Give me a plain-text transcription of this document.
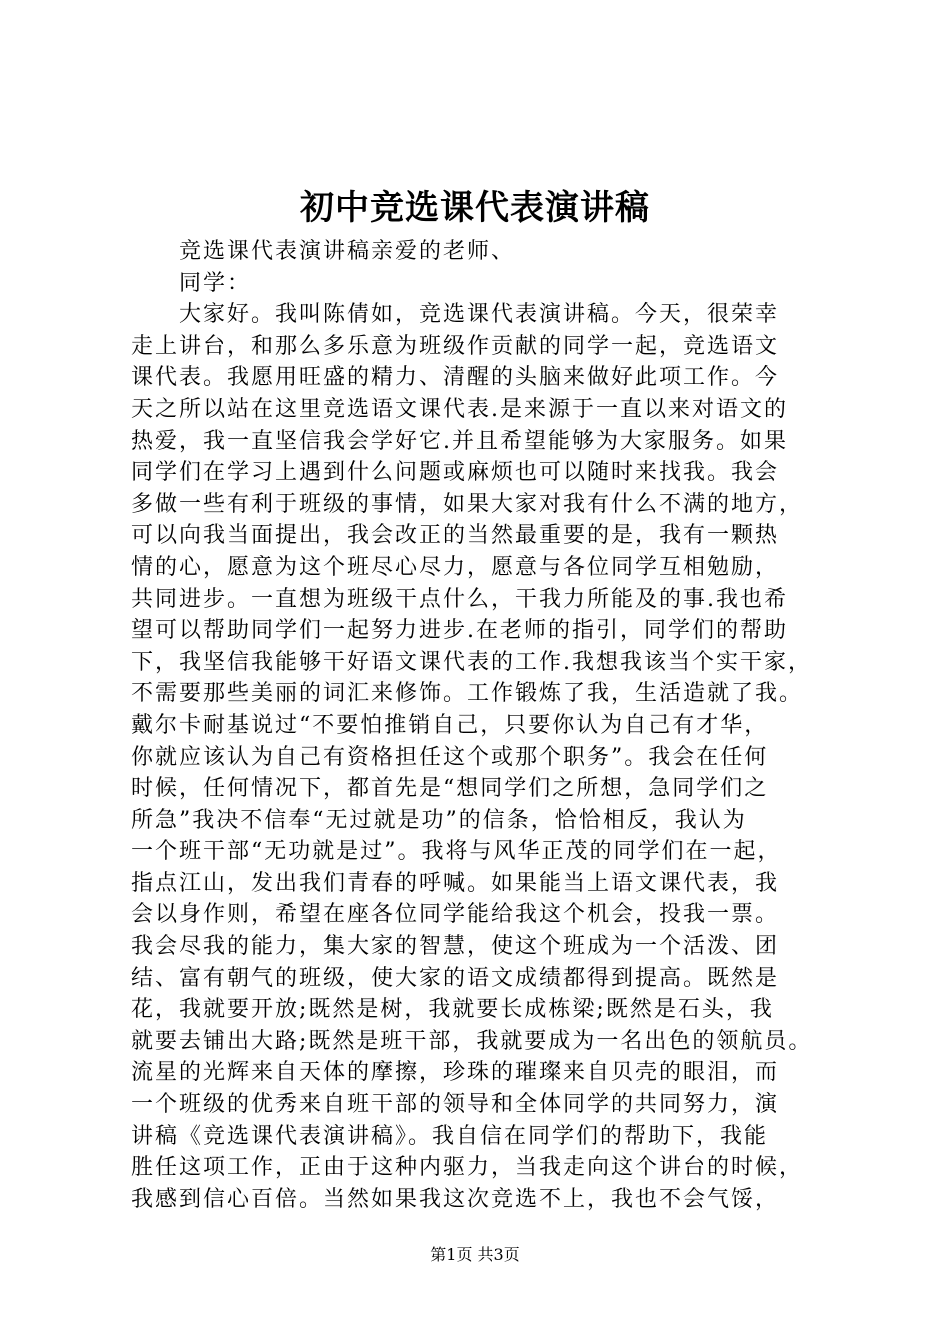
初中竞选课代表演讲稿
竞选课代表演讲稿亲爱的老师、
同学：
大家好。我叫陈倩如，竞选课代表演讲稿。今天，很荣幸
走上讲台，和那么多乐意为班级作贡献的同学一起，竞选语文
课代表。我愿用旺盛的精力、清醒的头脑来做好此项工作。今
天之所以站在这里竞选语文课代表.是来源于一直以来对语文的
热爱，我一直坚信我会学好它.并且希望能够为大家服务。如果
同学们在学习上遇到什么问题或麻烦也可以随时来找我。我会
多做一些有利于班级的事情，如果大家对我有什么不满的地方，
可以向我当面提出，我会改正的当然最重要的是，我有一颗热
情的心，愿意为这个班尽心尽力，愿意与各位同学互相勉励，
共同进步。一直想为班级干点什么，干我力所能及的事.我也希
望可以帮助同学们一起努力进步.在老师的指引，同学们的帮助
下，我坚信我能够干好语文课代表的工作.我想我该当个实干家，
不需要那些美丽的词汇来修饰。工作锻炼了我，生活造就了我。
戴尔卡耐基说过“不要怕推销自己，只要你认为自己有才华，
你就应该认为自己有资格担任这个或那个职务”。我会在任何
时候，任何情况下，都首先是“想同学们之所想，急同学们之
所急”我决不信奉“无过就是功”的信条，恰恰相反，我认为
一个班干部“无功就是过”。我将与风华正茂的同学们在一起，
指点江山，发出我们青春的呼喊。如果能当上语文课代表，我
会以身作则，希望在座各位同学能给我这个机会，投我一票。
我会尽我的能力，集大家的智慧，使这个班成为一个活泼、团
结、富有朝气的班级，使大家的语文成绩都得到提高。既然是
花，我就要开放;既然是树，我就要长成栋梁;既然是石头，我
就要去铺出大路;既然是班干部，我就要成为一名出色的领航员。
流星的光辉来自天体的摩擦，珍珠的璀璨来自贝壳的眼泪，而
一个班级的优秀来自班干部的领导和全体同学的共同努力，演
讲稿《竞选课代表演讲稿》。我自信在同学们的帮助下，我能
胜任这项工作，正由于这种内驱力，当我走向这个讲台的时候，
我感到信心百倍。当然如果我这次竞选不上，我也不会气馁，
第1页 共3页
